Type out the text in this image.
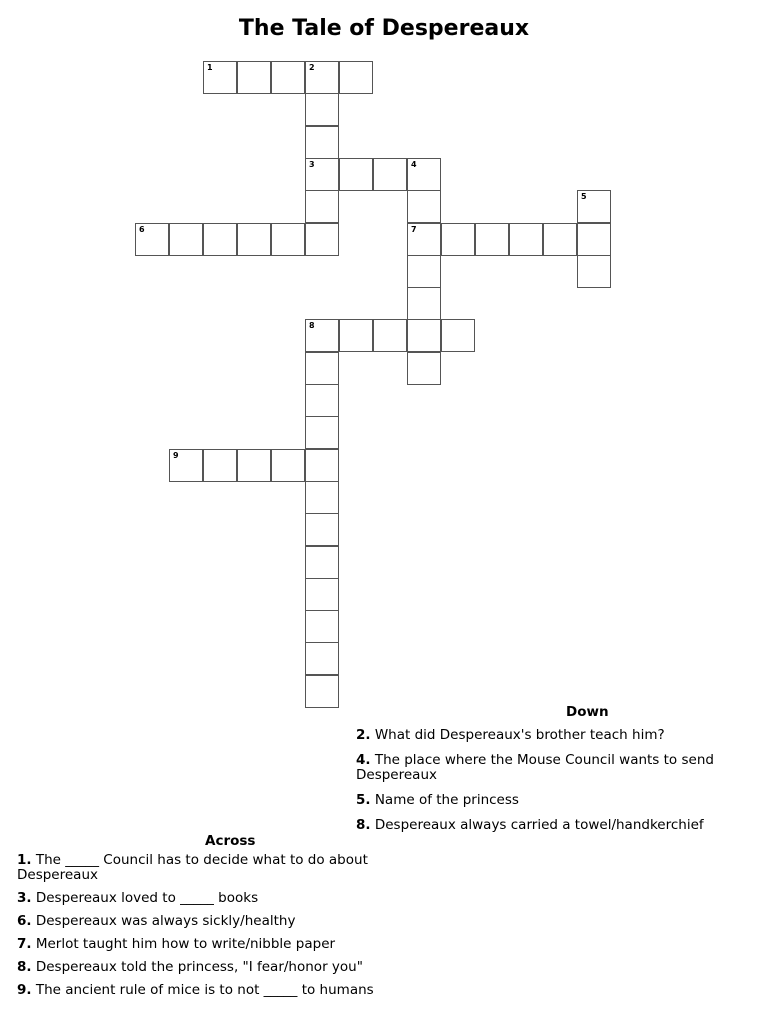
The Tale of Despereaux
1	2
3	4
7
5
6
8
9
Down
2. What did Despereaux's brother teach him?
4. The place where the Mouse Council wants to send Despereaux
5. Name of the princess
8. Despereaux always carried a towel/handkerchief
Across
1. The _____ Council has to decide what to do about Despereaux
3. Despereaux loved to _____ books
6. Despereaux was always sickly/healthy
7. Merlot taught him how to write/nibble paper
8. Despereaux told the princess, "I fear/honor you"
9. The ancient rule of mice is to not _____ to humans
